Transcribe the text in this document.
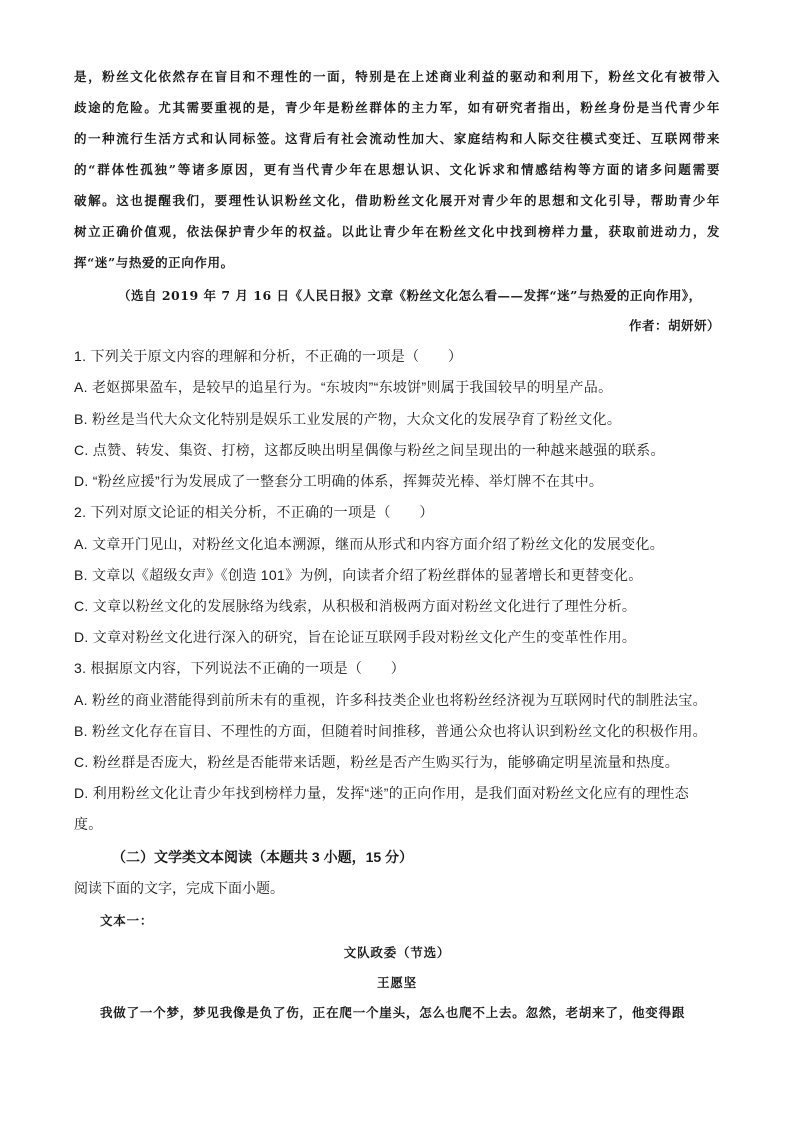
是，粉丝文化依然存在盲目和不理性的一面，特别是在上述商业利益的驱动和利用下，粉丝文化有被带入
歧途的危险。尤其需要重视的是，青少年是粉丝群体的主力军，如有研究者指出，粉丝身份是当代青少年
的一种流行生活方式和认同标签。这背后有社会流动性加大、家庭结构和人际交往模式变迁、互联网带来
的“群体性孤独”等诸多原因，更有当代青少年在思想认识、文化诉求和情感结构等方面的诸多问题需要
破解。这也提醒我们，要理性认识粉丝文化，借助粉丝文化展开对青少年的思想和文化引导，帮助青少年
树立正确价值观，依法保护青少年的权益。以此让青少年在粉丝文化中找到榜样力量，获取前进动力，发
挥“迷”与热爱的正向作用。
（选自 2019 年 7 月 16 日《人民日报》文章《粉丝文化怎么看——发挥“迷”与热爱的正向作用》，
作者：胡妍妍）
1. 下列关于原文内容的理解和分析，不正确的一项是（　　）
A. 老妪掷果盈车，是较早的追星行为。“东坡肉”“东坡饼”则属于我国较早的明星产品。
B. 粉丝是当代大众文化特别是娱乐工业发展的产物，大众文化的发展孕育了粉丝文化。
C. 点赞、转发、集资、打榜，这都反映出明星偶像与粉丝之间呈现出的一种越来越强的联系。
D. “粉丝应援”行为发展成了一整套分工明确的体系，挥舞荧光棒、举灯牌不在其中。
2. 下列对原文论证的相关分析，不正确的一项是（　　）
A. 文章开门见山，对粉丝文化追本溯源，继而从形式和内容方面介绍了粉丝文化的发展变化。
B. 文章以《超级女声》《创造 101》为例，向读者介绍了粉丝群体的显著增长和更替变化。
C. 文章以粉丝文化的发展脉络为线索，从积极和消极两方面对粉丝文化进行了理性分析。
D. 文章对粉丝文化进行深入的研究，旨在论证互联网手段对粉丝文化产生的变革性作用。
3. 根据原文内容，下列说法不正确的一项是（　　）
A. 粉丝的商业潜能得到前所未有的重视，许多科技类企业也将粉丝经济视为互联网时代的制胜法宝。
B. 粉丝文化存在盲目、不理性的方面，但随着时间推移，普通公众也将认识到粉丝文化的积极作用。
C. 粉丝群是否庞大，粉丝是否能带来话题，粉丝是否产生购买行为，能够确定明星流量和热度。
D. 利用粉丝文化让青少年找到榜样力量，发挥“迷”的正向作用，是我们面对粉丝文化应有的理性态
度。
（二）文学类文本阅读（本题共 3 小题，15 分）
阅读下面的文字，完成下面小题。
文本一：
文队政委（节选）
王愿坚
我做了一个梦，梦见我像是负了伤，正在爬一个崖头，怎么也爬不上去。忽然，老胡来了，他变得跟
